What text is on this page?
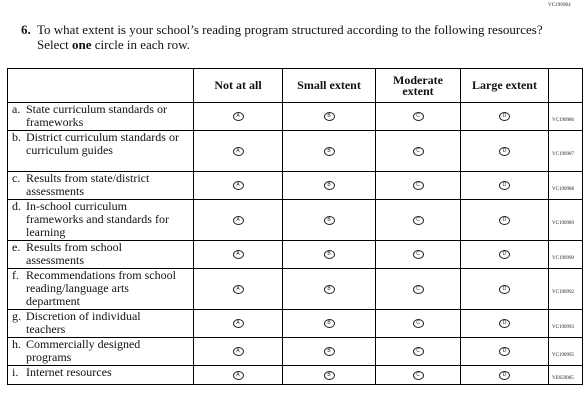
VC190984
6. To what extent is your school’s reading program structured according to the following resources?
Select one circle in each row.
	Not at all	Small extent	Moderate extent	Large extent	
a. State curriculum standards or frameworks	A	B	C	D	VC190986
b. District curriculum standards or curriculum guides	A	B	C	D	VC190987
c. Results from state/district assessments	A	B	C	D	VC190988
d. In-school curriculum frameworks and standards for learning	A	B	C	D	VC190989
e. Results from school assessments	A	B	C	D	VC190990
f. Recommendations from school reading/language arts department	A	B	C	D	VC190992
g. Discretion of individual teachers	A	B	C	D	VC190993
h. Commercially designed programs	A	B	C	D	VC190995
i. Internet resources	A	B	C	D	VE659085
